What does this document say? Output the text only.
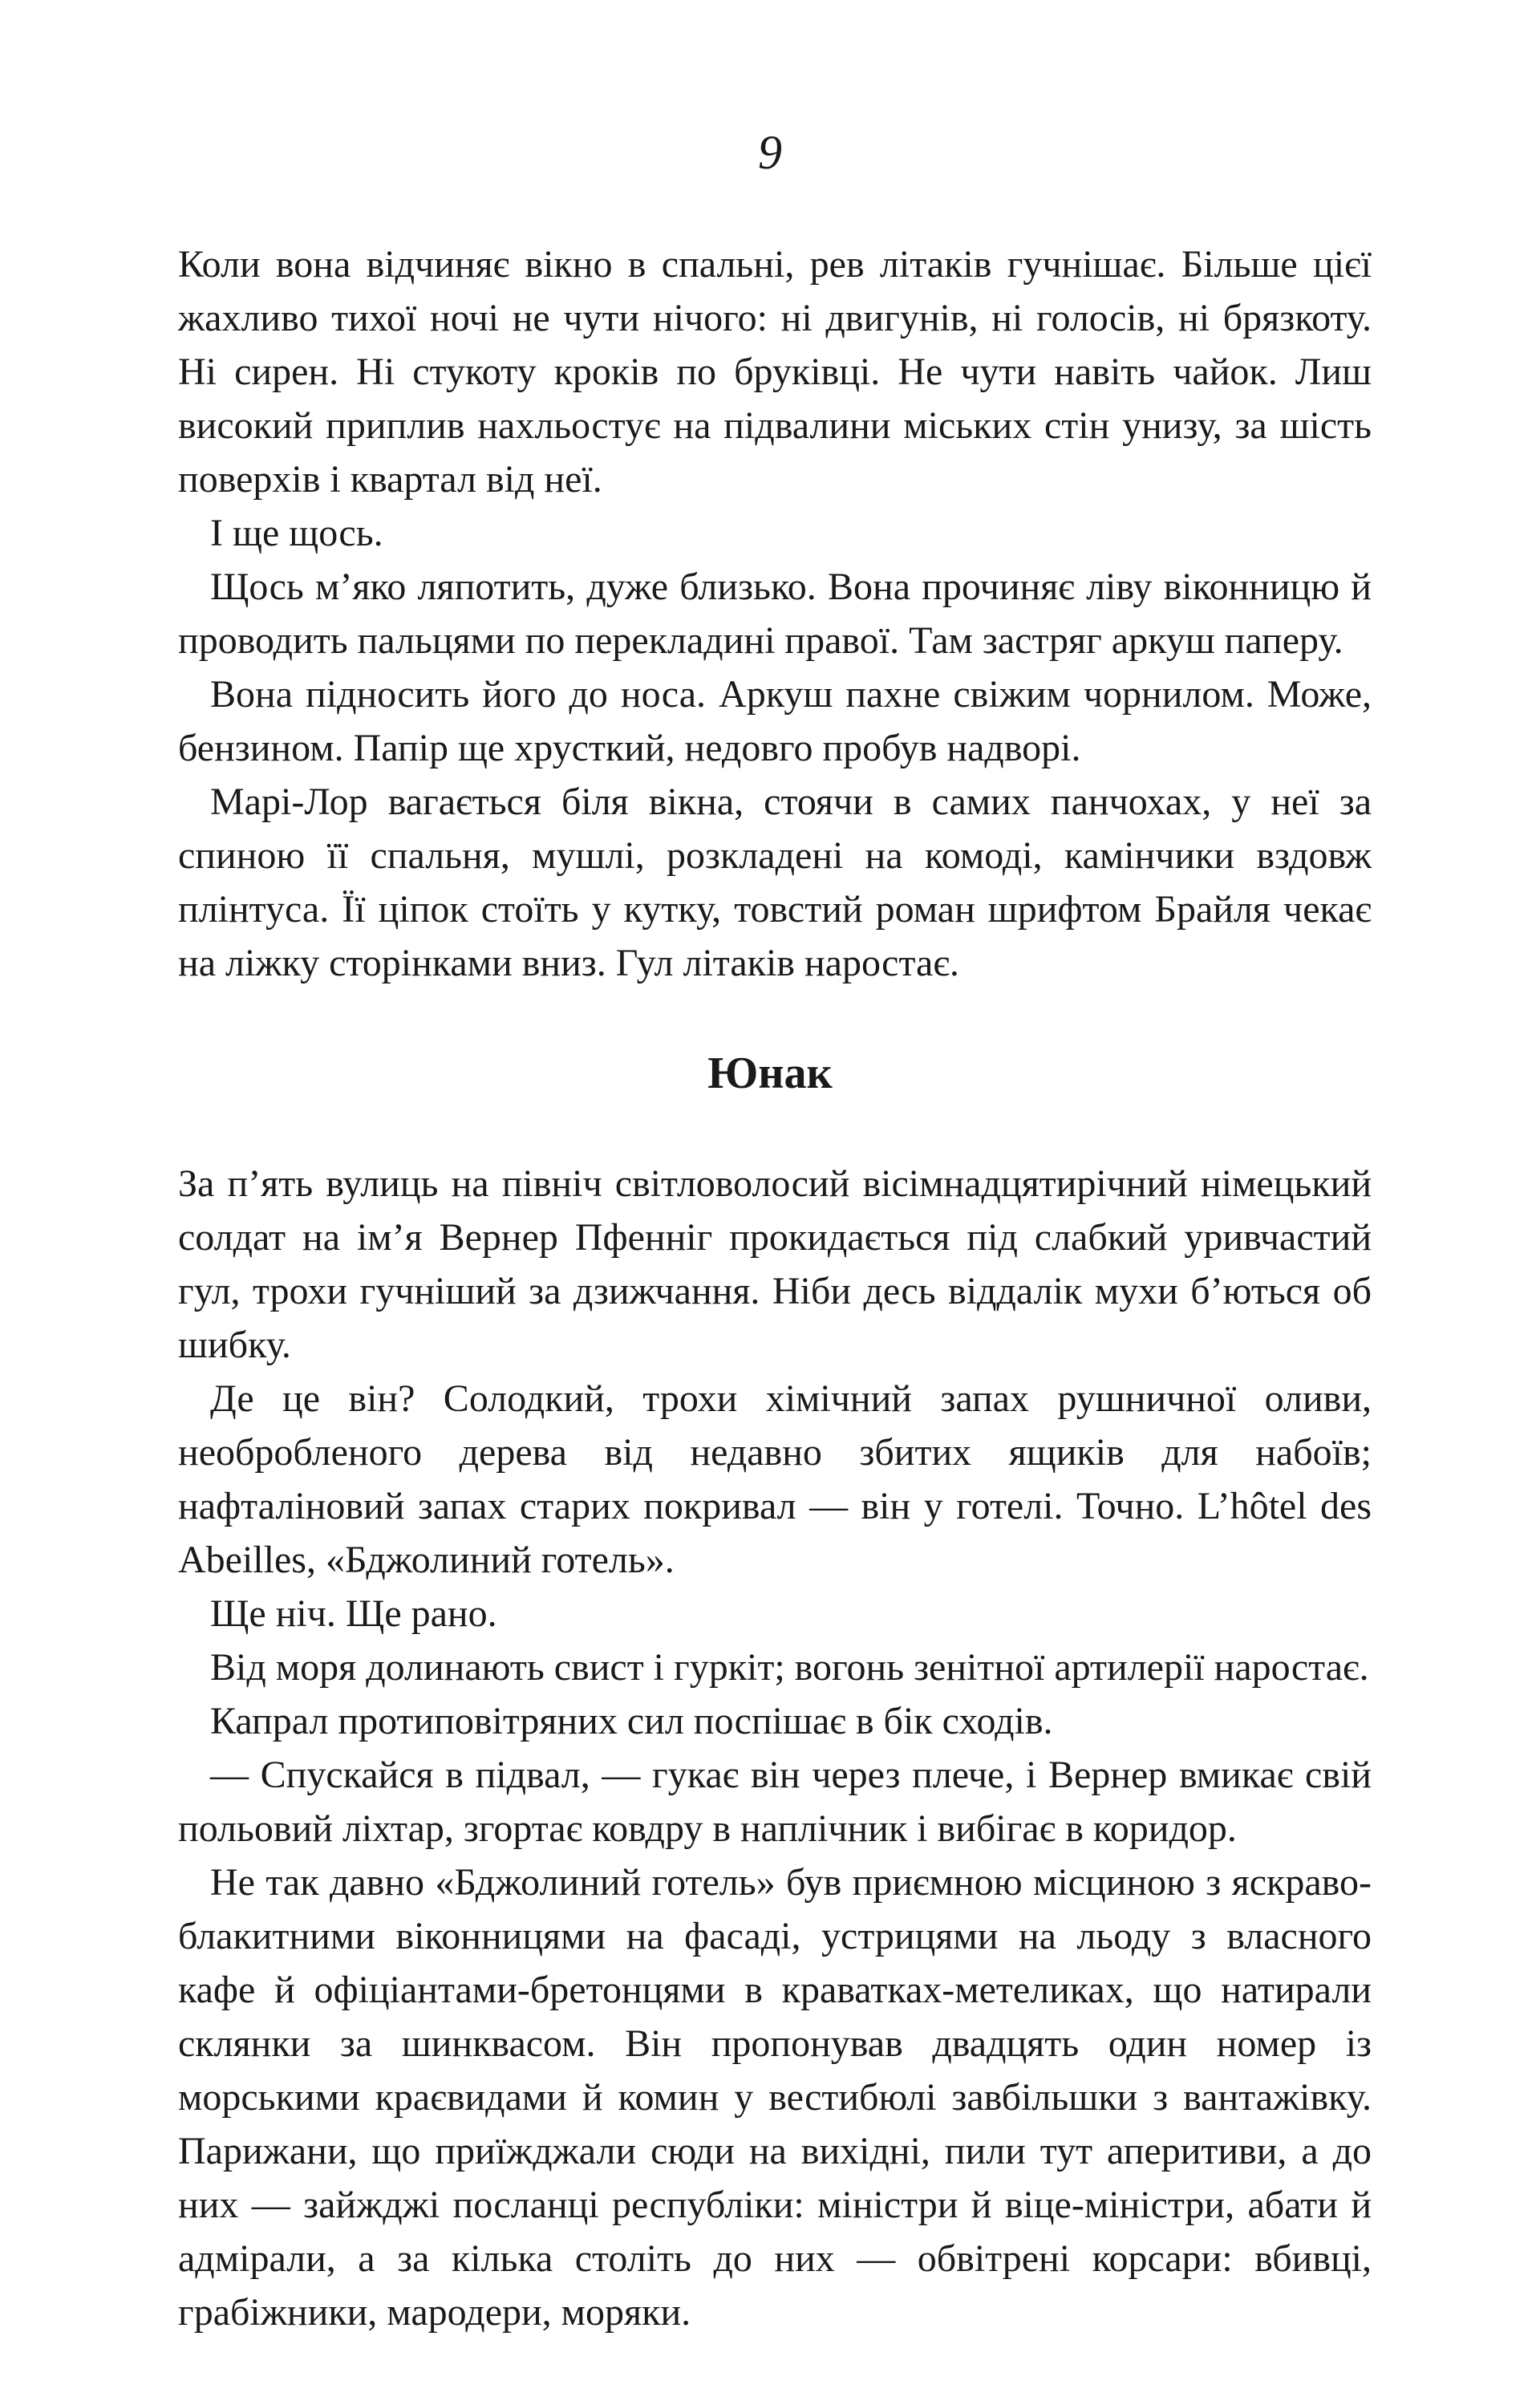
9

Коли вона відчиняє вікно в спальні, рев літаків гучнішає. Більше цієї жахливо тихої ночі не чути нічого: ні двигунів, ні голосів, ні брязкоту. Ні сирен. Ні стукоту кроків по бруківці. Не чути навіть чайок. Лиш високий приплив нахльостує на підвалини міських стін унизу, за шість поверхів і квартал від неї.

І ще щось.

Щось м’яко ляпотить, дуже близько. Вона прочиняє ліву віконницю й проводить пальцями по перекладині правої. Там застряг аркуш паперу.

Вона підносить його до носа. Аркуш пахне свіжим чорнилом. Може, бензином. Папір ще хрусткий, недовго пробув надворі.

Марі-Лор вагається біля вікна, стоячи в самих панчохах, у неї за спиною її спальня, мушлі, розкладені на комоді, камінчики вздовж плінтуса. Її ціпок стоїть у кутку, товстий роман шрифтом Брайля чекає на ліжку сторінками вниз. Гул літаків наростає.

Юнак

За п’ять вулиць на північ світловолосий вісімнадцятирічний німецький солдат на ім’я Вернер Пфенніг прокидається під слабкий уривчастий гул, трохи гучніший за дзижчання. Ніби десь віддалік мухи б’ються об шибку.

Де це він? Солодкий, трохи хімічний запах рушничної оливи, необробленого дерева від недавно збитих ящиків для набоїв; нафталіновий запах старих покривал — він у готелі. Точно. L’hôtel des Abeilles, «Бджолиний готель».

Ще ніч. Ще рано.

Від моря долинають свист і гуркіт; вогонь зенітної артилерії наростає.

Капрал протиповітряних сил поспішає в бік сходів.

— Спускайся в підвал, — гукає він через плече, і Вернер вмикає свій польовий ліхтар, згортає ковдру в наплічник і вибігає в коридор.

Не так давно «Бджолиний готель» був приємною місциною з яскраво-блакитними віконницями на фасаді, устрицями на льоду з власного кафе й офіціантами-бретонцями в краватках-метеликах, що натирали склянки за шинквасом. Він пропонував двадцять один номер із морськими краєвидами й комин у вестибюлі завбільшки з вантажівку. Парижани, що приїжджали сюди на вихідні, пили тут аперитиви, а до них — зайжджі посланці республіки: міністри й віце-міністри, абати й адмірали, а за кілька століть до них — обвітрені корсари: вбивці, грабіжники, мародери, моряки.
